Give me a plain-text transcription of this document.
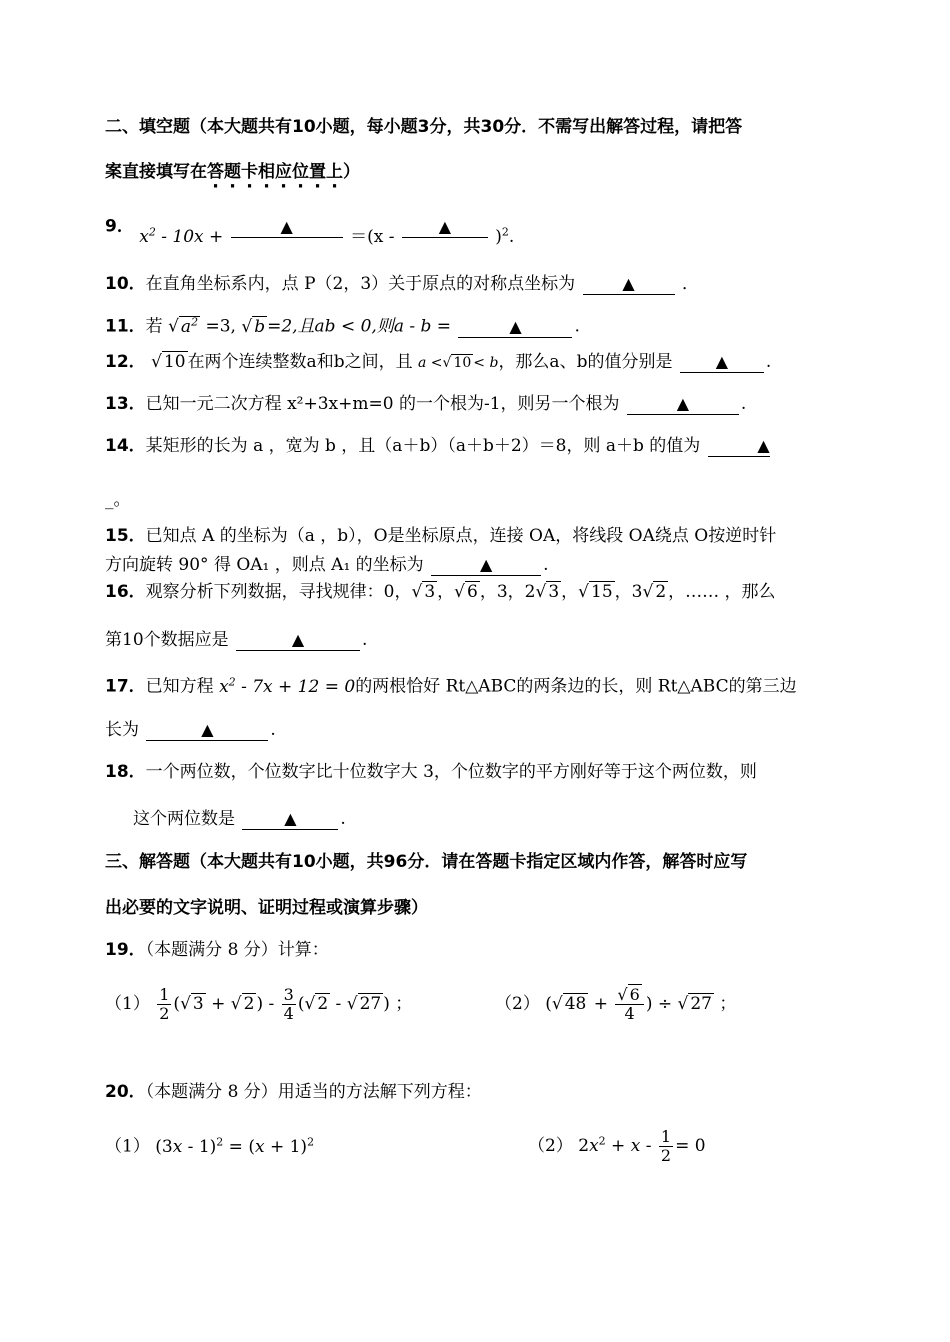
二、填空题（本大题共有10小题，每小题3分，共30分．不需写出解答过程，请把答
案直接填写在答题卡相应位置上）
9． $x^2 - 10x$ + ▲ ＝(x - ▲ )$^2$.
10．在直角坐标系内，点 P（2，3）关于原点的对称点坐标为	▲	．
11．若 √ $a^2 =3$, √ b =2,且ab < 0,则a - b =	▲	.
12． √ 10 在两个连续整数a和b之间，且 a <√ 10 < b，那么a、b的值分别是	▲ .
13．已知一元二次方程 x²+3x+m=0 的一个根为-1，则另一个根为	▲	.
14．某矩形的长为 a ，宽为 b ，且（a＋b）（a＋b＋2）＝8，则 a＋b 的值为	▲
_。
15．已知点 A 的坐标为（a ，b），O是坐标原点，连接 OA，将线段 OA绕点 O按逆时针
方向旋转 90° 得 OA₁ ，则点 A₁ 的坐标为	▲	.
16．观察分析下列数据，寻找规律：0，√ 3 ，√ 6 ，3，2√ 3 ，√ 15 ，3√ 2 ，…… ，那么
第10个数据应是	▲	.
17．已知方程 $x^2 - 7x + 12 = 0$的两根恰好 Rt△ABC的两条边的长，则 Rt△ABC的第三边
长为	▲	.
18．一个两位数，个位数字比十位数字大 3，个位数字的平方刚好等于这个两位数，则
这个两位数是	▲	.
三、解答题（本大题共有10小题，共96分．请在答题卡指定区域内作答，解答时应写
出必要的文字说明、证明过程或演算步骤）
19．（本题满分 8 分）计算：
$(1) \frac{1}{2}$ (√ 3 + √ 2 ) - $\frac{3}{4}$ (√ 2 - √ 27 ) ；	（2） (√ $48 + \frac{√ 6}{4}$ ) ÷ √ 27 ；
20．（本题满分 8 分）用适当的方法解下列方程：
（1） $(3x - 1)^2 = (x + 1)^2$	（2） $2x^2 + x - \frac{1}{2} = 0$
